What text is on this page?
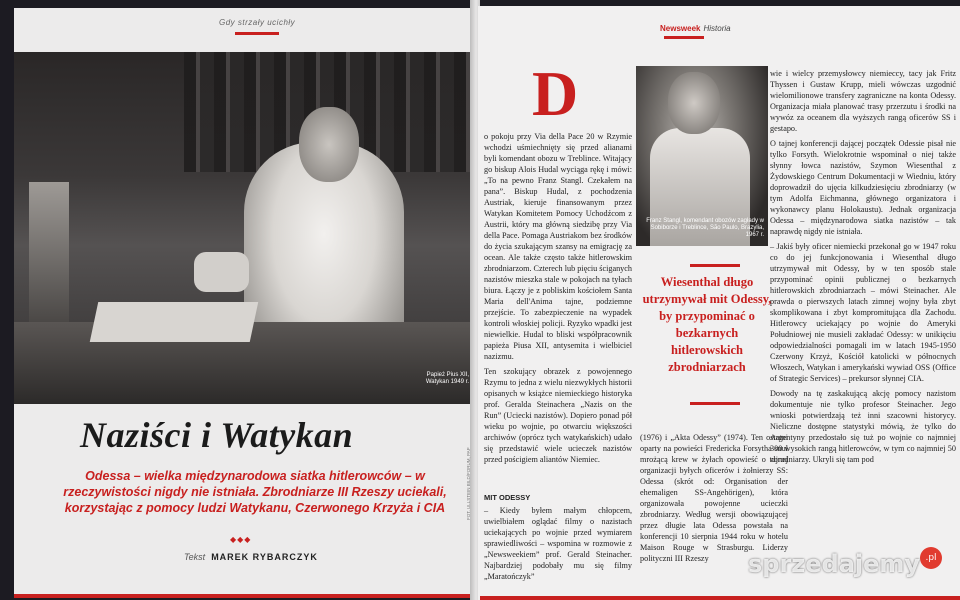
Gdy strzały ucichły
Papież Pius XII,
Watykan 1949 r.
Naziści i Watykan
Odessa – wielka międzynarodowa siatka hitlerowców – w rzeczywistości nigdy nie istniała. Zbrodniarze III Rzeszy uciekali, korzystając z pomocy ludzi Watykanu, Czerwonego Krzyża i CIA
◆◆◆
Tekst MAREK RYBARCZYK
FOT. ULLSTEIN BILD/FORUM, PAP
Newsweek Historia
D

o pokoju przy Via della Pace 20 w Rzymie wchodzi uśmiechnięty się przed alianami byli komendant obozu w Treblince. Witający go biskup Alois Hudal wyciąga rękę i mówi: „To na pewno Franz Stangl. Czekałem na pana”. Biskup Hudal, z pochodzenia Austriak, kieruje finansowanym przez Watykan Komitetem Pomocy Uchodźcom z Austrii, który ma główną siedzibę przy Via della Pace. Pomaga Austriakom bez środków do życia szukającym szansy na emigrację za ocean. Ale także często także hitlerowskim zbrodniarzom. Czterech lub pięciu ściganych nazistów mieszka stale w pokojach na tyłach biura. Łączy je z pobliskim kościołem Santa Maria dell'Anima tajne, podziemne przejście. To zabezpieczenie na wypadek kontroli włoskiej policji. Ryzyko wpadki jest niewielkie. Hudal to bliski współpracownik papieża Piusa XII, antysemita i wielbiciel nazizmu.

Ten szokujący obrazek z powojennego Rzymu to jedna z wielu niezwykłych historii opisanych w książce niemieckiego historyka prof. Geralda Steinachera „Nazis on the Run” (Uciecki nazistów). Dopiero ponad pół wieku po wojnie, po otwarciu większości archiwów (oprócz tych watykańskich) udało się przedstawić wiele ucieczek nazistów przed pościgiem aliantów Niemiec.

MIT ODESSY

– Kiedy byłem małym chłopcem, uwielbiałem oglądać filmy o nazistach uciekających po wojnie przed wymiarem sprawiedliwości – wspomina w rozmowie z „Newsweekiem” prof. Gerald Steinacher. Najbardziej podobały mu się filmy „Maratończyk”

Franz Stangl, komendant obozów zagłady w Sobiborze i Treblince, São Paulo, Brazylia, 1967 r.
Wiesenthal długo utrzymywał mit Odessy, by przypominać o bezkarnych hitlerowskich zbrodniarzach

(1976) i „Akta Odessy” (1974). Ten ostatni oparty na powieści Fredericka Forsytha snuł mrożącą krew w żyłach opowieść o tajnej organizacji byłych oficerów i żołnierzy SS: Odessa (skrót od: Organisation der ehemaligen SS-Angehörigen), która organizowała powojenne ucieczki zbrodniarzy. Według wersji obowiązującej przez długie lata Odessa powstała na konferencji 10 sierpnia 1944 roku w hotelu Maison Rouge w Strasburgu. Liderzy polityczni III Rzeszy

wie i wielcy przemysłowcy niemieccy, tacy jak Fritz Thyssen i Gustaw Krupp, mieli wówczas uzgodnić wielomilionowe transfery zagraniczne na konta Odessy. Organizacja miała planować trasy przerzutu i środki na wywóz za oceanem dla wyższych rangą oficerów SS i gestapo.

O tajnej konferencji dającej początek Odessie pisał nie tylko Forsyth. Wielokrotnie wspominał o niej także słynny łowca nazistów, Szymon Wiesenthal z Żydowskiego Centrum Dokumentacji w Wiedniu, który doprowadził do ujęcia kilkudziesięciu zbrodniarzy (w tym Adolfa Eichmanna, głównego organizatora i wykonawcy planu Holokaustu). Jednak organizacja Odessa – międzynarodowa siatka nazistów – tak naprawdę nigdy nie istniała.

– Jakiś były oficer niemiecki przekonał go w 1947 roku co do jej funkcjonowania i Wiesenthal długo utrzymywał mit Odessy, by w ten sposób stale przypominać opinii publicznej o bezkarnych hitlerowskich zbrodniarzach – mówi Steinacher. Ale prawda o pierwszych latach zimnej wojny była zbyt skomplikowana i zbyt kompromitująca dla Zachodu. Hitlerowcy uciekający po wojnie do Ameryki Południowej nie musieli zakładać Odessy: w unikięciu odpowiedzialności pomagali im w latach 1945-1950 Czerwony Krzyż, Kościół katolicki w północnych Włoszech, Watykan i amerykański wywiad OSS (Office of Strategic Services) – prekursor słynnej CIA.

Dowody na tę zaskakującą akcję pomocy nazistom dokumentuje nie tylko profesor Steinacher. Jego wnioski potwierdzają też inni szacowni historycy. Nieliczne dostępne statystyki mówią, że tylko do Argentyny przedostało się tuż po wojnie co najmniej 300 wysokich rangą hitlerowców, w tym co najmniej 50 zbrodniarzy. Ukryli się tam pod

sprzedajemy .pl
